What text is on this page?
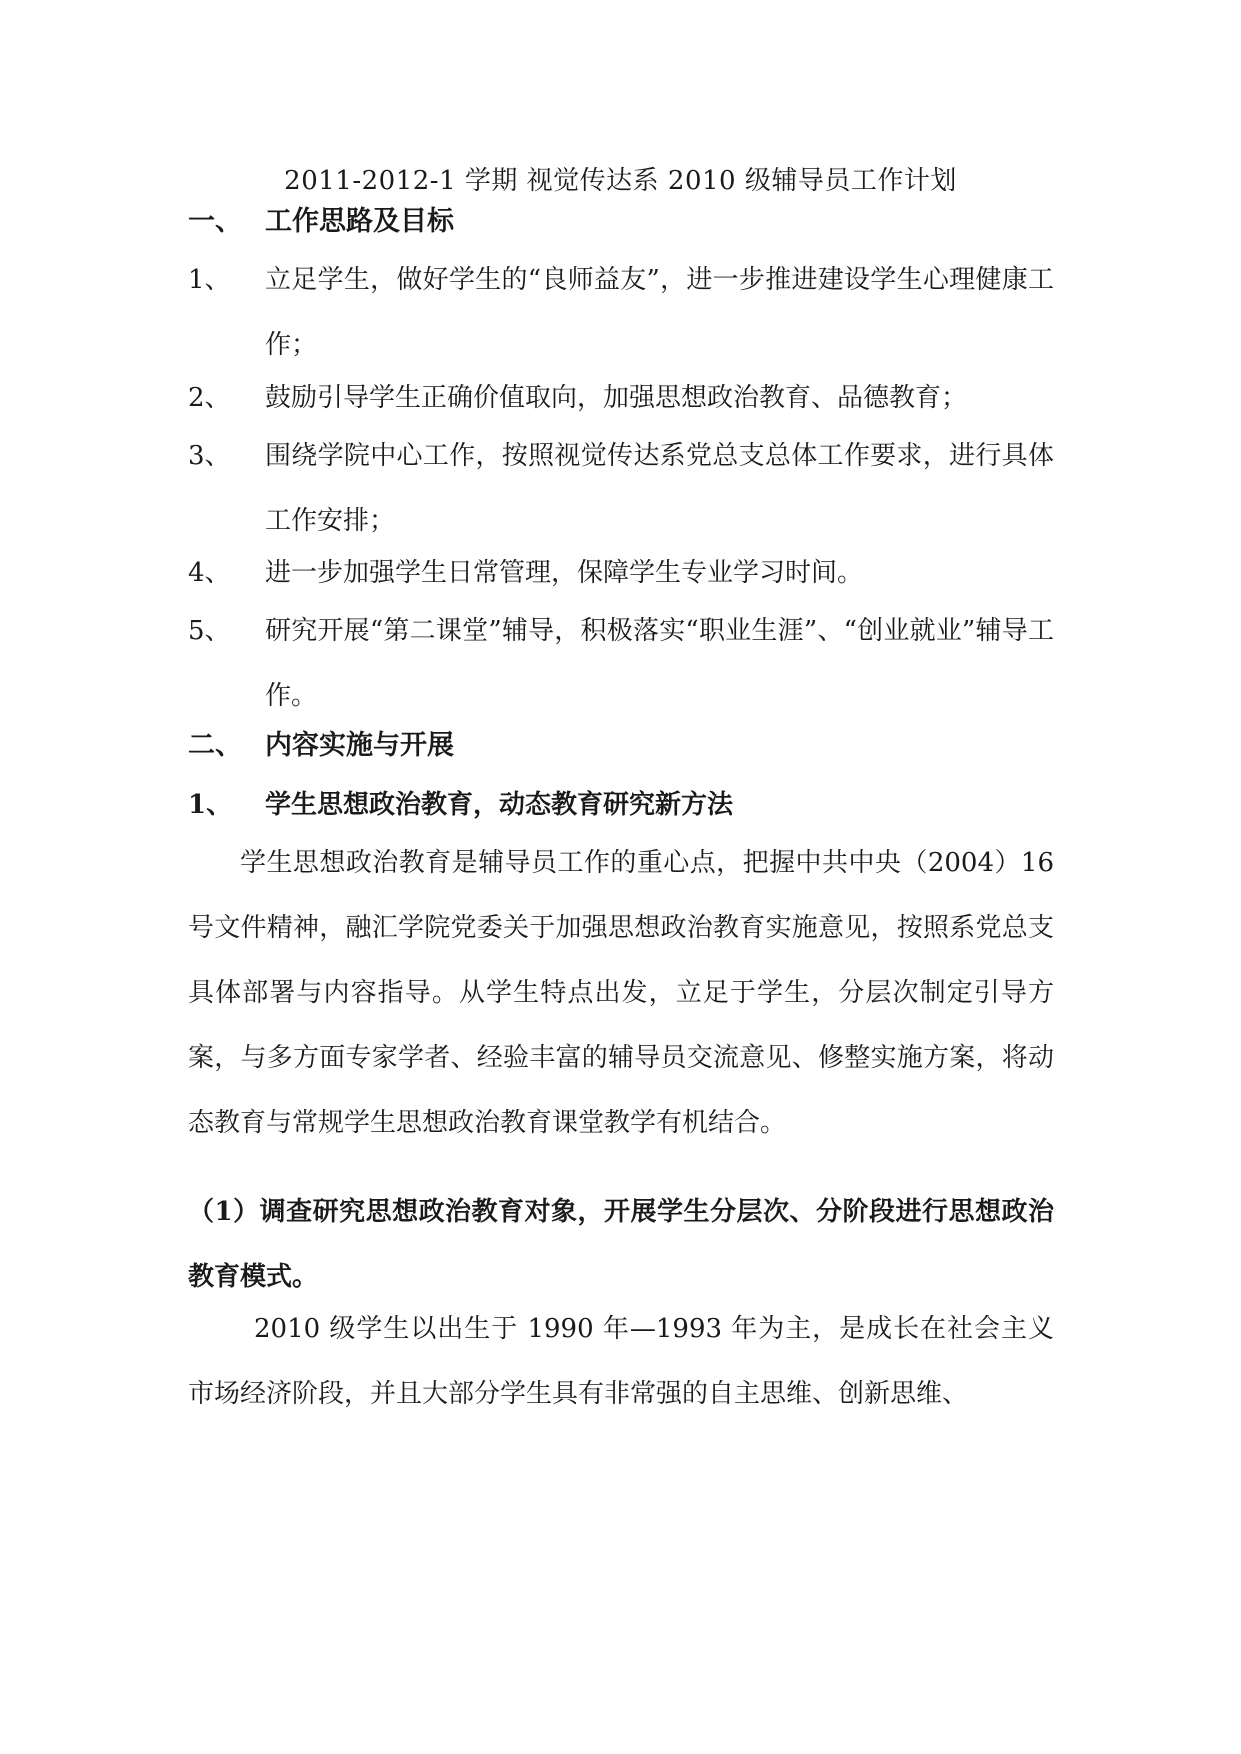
2011-2012-1 学期 视觉传达系 2010 级辅导员工作计划
一、 工作思路及目标
1、 立足学生，做好学生的“良师益友”，进一步推进建设学生心理健康工作；
2、 鼓励引导学生正确价值取向，加强思想政治教育、品德教育；
3、 围绕学院中心工作，按照视觉传达系党总支总体工作要求，进行具体工作安排；
4、 进一步加强学生日常管理，保障学生专业学习时间。
5、 研究开展“第二课堂”辅导，积极落实“职业生涯”、“创业就业”辅导工作。
二、 内容实施与开展
1、 学生思想政治教育，动态教育研究新方法
学生思想政治教育是辅导员工作的重心点，把握中共中央（2004）16 号文件精神，融汇学院党委关于加强思想政治教育实施意见，按照系党总支具体部署与内容指导。从学生特点出发，立足于学生，分层次制定引导方案，与多方面专家学者、经验丰富的辅导员交流意见、修整实施方案，将动态教育与常规学生思想政治教育课堂教学有机结合。
（1）调查研究思想政治教育对象，开展学生分层次、分阶段进行思想政治教育模式。
2010 级学生以出生于 1990 年—1993 年为主，是成长在社会主义市场经济阶段，并且大部分学生具有非常强的自主思维、创新思维、
